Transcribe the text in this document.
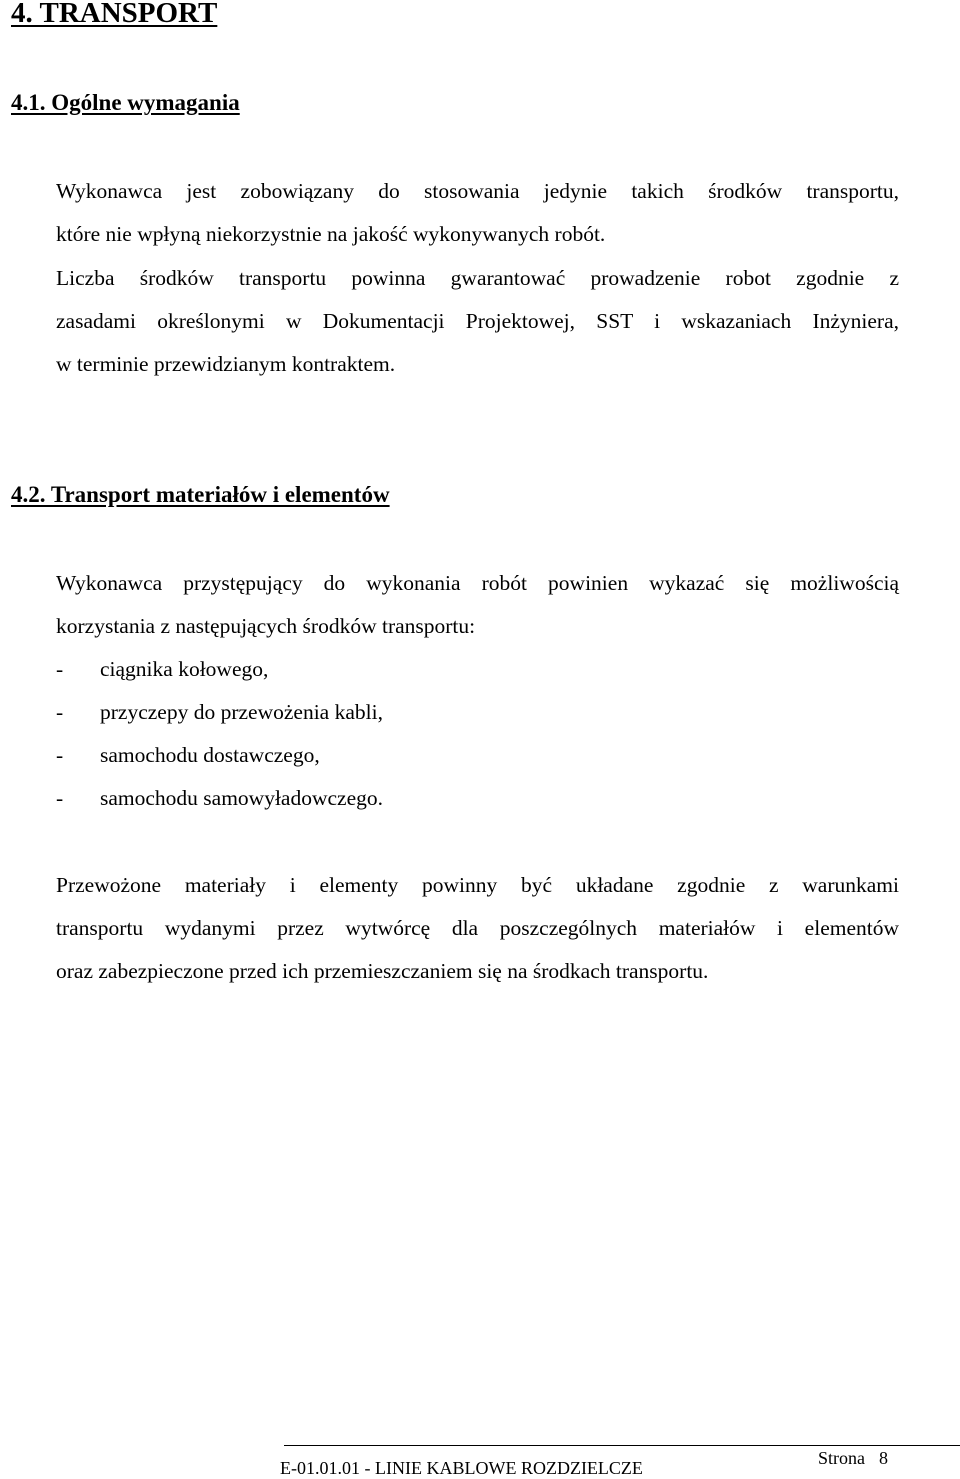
4. TRANSPORT
4.1. Ogólne wymagania
Wykonawca jest zobowiązany do stosowania jedynie takich środków transportu,
które nie wpłyną niekorzystnie na jakość wykonywanych robót.
Liczba środków transportu powinna gwarantować prowadzenie robot zgodnie z
zasadami określonymi w Dokumentacji Projektowej, SST i wskazaniach Inżyniera,
w terminie przewidzianym kontraktem.
4.2. Transport materiałów i elementów
Wykonawca przystępujący do wykonania robót powinien wykazać się możliwością
korzystania z następujących środków transportu:
- ciągnika kołowego,
- przyczepy do przewożenia kabli,
- samochodu dostawczego,
- samochodu samowyładowczego.
Przewożone materiały i elementy powinny być układane zgodnie z warunkami
transportu wydanymi przez wytwórcę dla poszczególnych materiałów i elementów
oraz zabezpieczone przed ich przemieszczaniem się na środkach transportu.
E-01.01.01 - LINIE KABLOWE ROZDZIELCZE	Strona 8
